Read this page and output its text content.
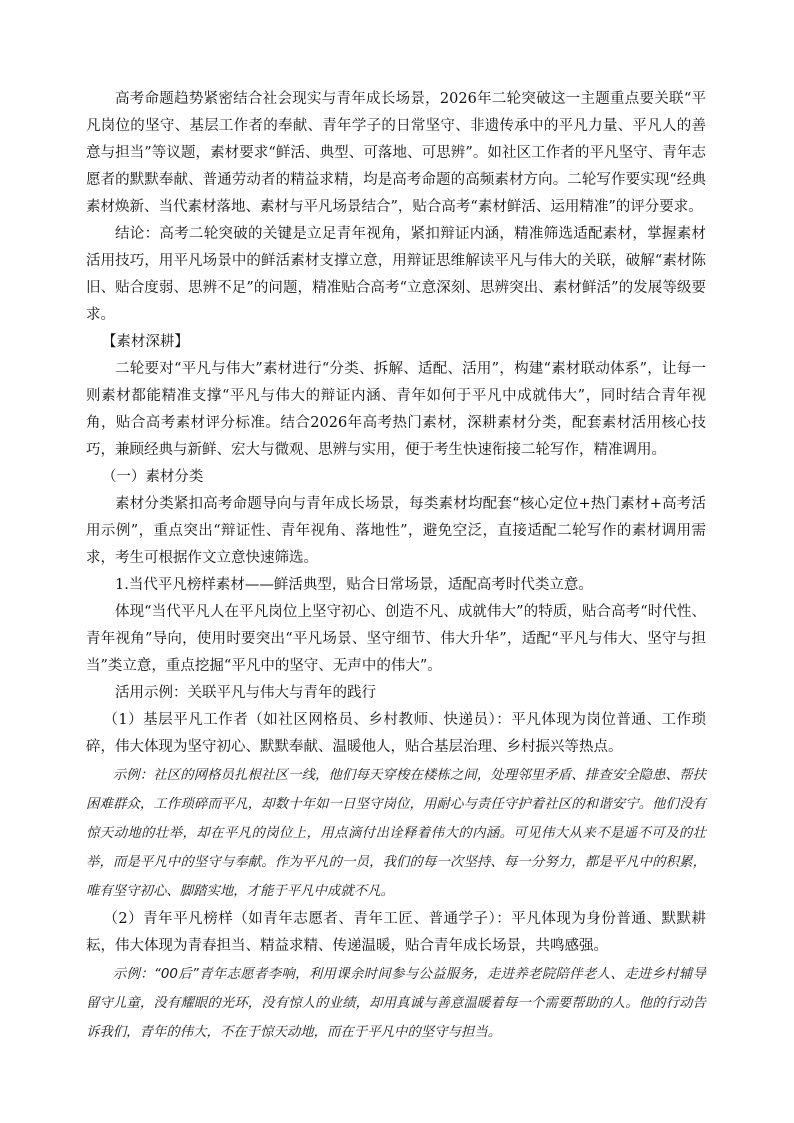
高考命题趋势紧密结合社会现实与青年成长场景，2026年二轮突破这一主题重点要关联“平凡岗位的坚守、基层工作者的奉献、青年学子的日常坚守、非遗传承中的平凡力量、平凡人的善意与担当”等议题，素材要求“鲜活、典型、可落地、可思辨”。如社区工作者的平凡坚守、青年志愿者的默默奉献、普通劳动者的精益求精，均是高考命题的高频素材方向。二轮写作要实现“经典素材焕新、当代素材落地、素材与平凡场景结合”，贴合高考“素材鲜活、运用精准”的评分要求。

结论：高考二轮突破的关键是立足青年视角，紧扣辩证内涵，精准筛选适配素材，掌握素材活用技巧，用平凡场景中的鲜活素材支撑立意，用辩证思维解读平凡与伟大的关联，破解“素材陈旧、贴合度弱、思辨不足”的问题，精准贴合高考“立意深刻、思辨突出、素材鲜活”的发展等级要求。

【素材深耕】

二轮要对“平凡与伟大”素材进行“分类、拆解、适配、活用”，构建“素材联动体系”，让每一则素材都能精准支撑“平凡与伟大的辩证内涵、青年如何于平凡中成就伟大”，同时结合青年视角，贴合高考素材评分标准。结合2026年高考热门素材，深耕素材分类，配套素材活用核心技巧，兼顾经典与新鲜、宏大与微观、思辨与实用，便于考生快速衔接二轮写作，精准调用。

（一）素材分类

素材分类紧扣高考命题导向与青年成长场景，每类素材均配套“核心定位+热门素材+高考活用示例”，重点突出“辩证性、青年视角、落地性”，避免空泛，直接适配二轮写作的素材调用需求，考生可根据作文立意快速筛选。

1.当代平凡榜样素材——鲜活典型，贴合日常场景，适配高考时代类立意。

体现“当代平凡人在平凡岗位上坚守初心、创造不凡、成就伟大”的特质，贴合高考“时代性、青年视角”导向，使用时要突出“平凡场景、坚守细节、伟大升华”，适配“平凡与伟大、坚守与担当”类立意，重点挖掘“平凡中的坚守、无声中的伟大”。

活用示例：关联平凡与伟大与青年的践行

（1）基层平凡工作者（如社区网格员、乡村教师、快递员）：平凡体现为岗位普通、工作琐碎，伟大体现为坚守初心、默默奉献、温暖他人，贴合基层治理、乡村振兴等热点。

示例：社区的网格员扎根社区一线，他们每天穿梭在楼栋之间，处理邻里矛盾、排查安全隐患、帮扶困难群众，工作琐碎而平凡，却数十年如一日坚守岗位，用耐心与责任守护着社区的和谐安宁。他们没有惊天动地的壮举，却在平凡的岗位上，用点滴付出诠释着伟大的内涵。可见伟大从来不是遥不可及的壮举，而是平凡中的坚守与奉献。作为平凡的一员，我们的每一次坚持、每一分努力，都是平凡中的积累，唯有坚守初心、脚踏实地，才能于平凡中成就不凡。

（2）青年平凡榜样（如青年志愿者、青年工匠、普通学子）：平凡体现为身份普通、默默耕耘，伟大体现为青春担当、精益求精、传递温暖，贴合青年成长场景，共鸣感强。

示例：“00后”青年志愿者李响，利用课余时间参与公益服务，走进养老院陪伴老人、走进乡村辅导留守儿童，没有耀眼的光环，没有惊人的业绩，却用真诚与善意温暖着每一个需要帮助的人。他的行动告诉我们，青年的伟大，不在于惊天动地，而在于平凡中的坚守与担当。
